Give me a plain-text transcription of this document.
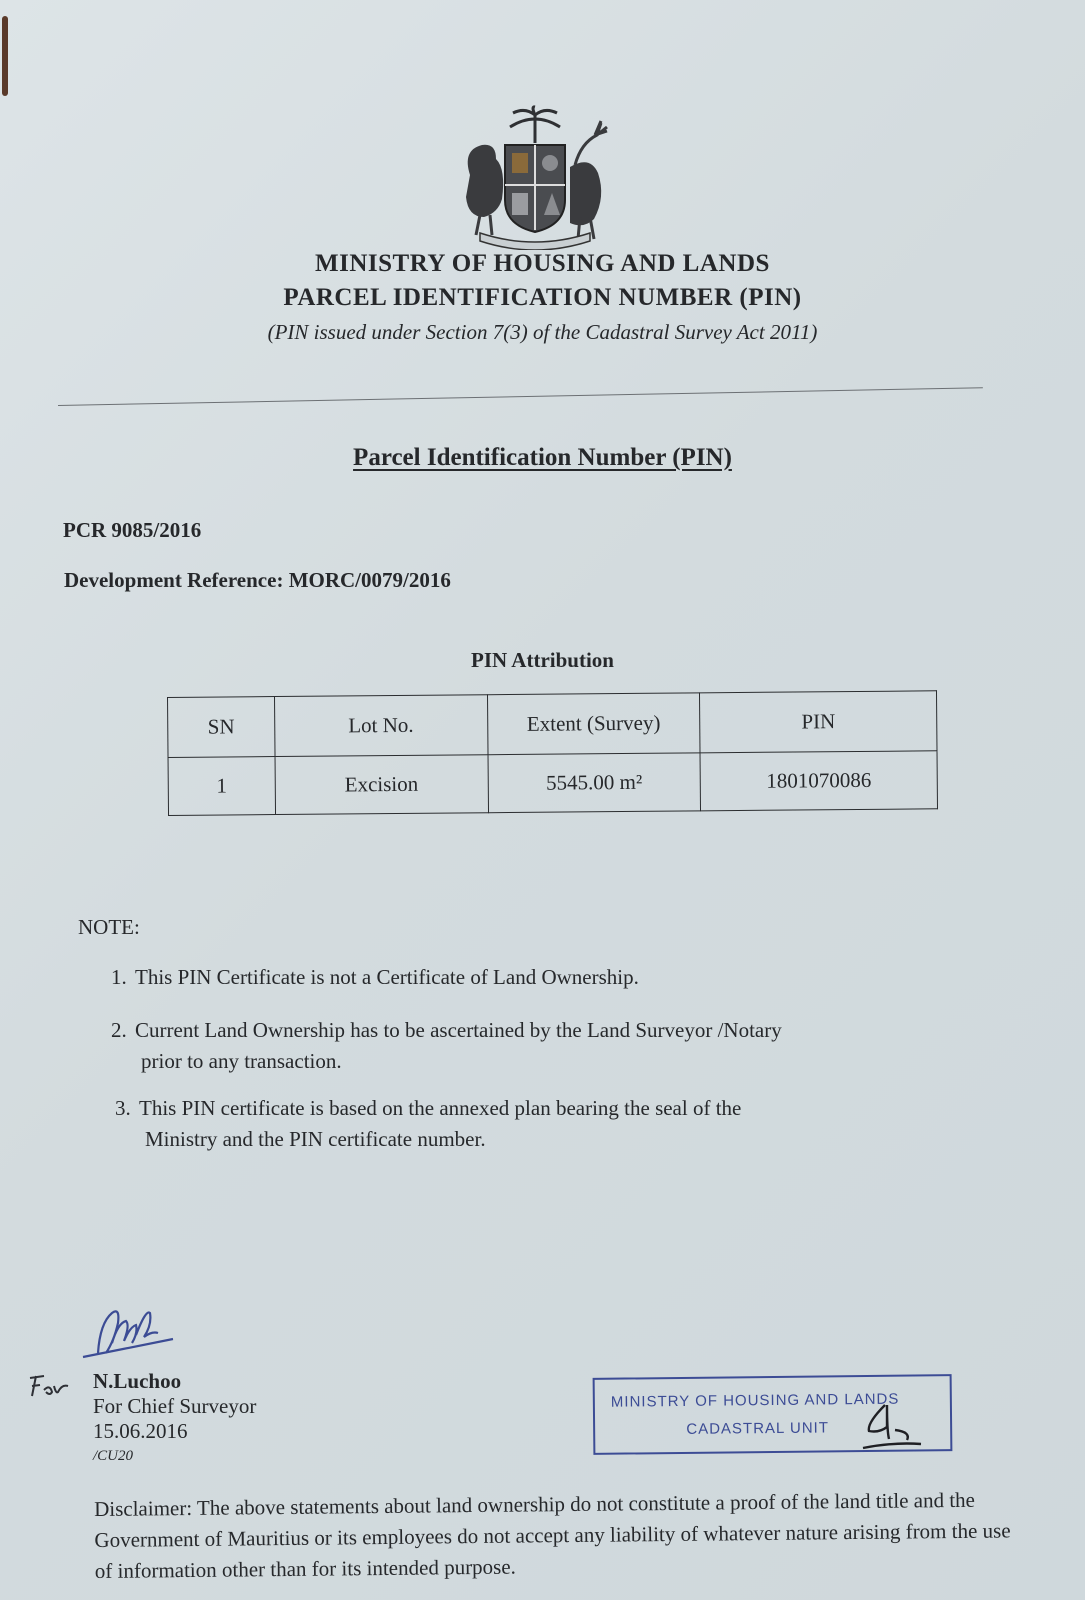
MINISTRY OF HOUSING AND LANDS
PARCEL IDENTIFICATION NUMBER (PIN)
(PIN issued under Section 7(3) of the Cadastral Survey Act 2011)
Parcel Identification Number (PIN)
PCR 9085/2016
Development Reference: MORC/0079/2016
PIN Attribution
SN	Lot No.	Extent (Survey)	PIN
1	Excision	5545.00 m²	1801070086
NOTE:
1. This PIN Certificate is not a Certificate of Land Ownership.
2. Current Land Ownership has to be ascertained by the Land Surveyor /Notary
prior to any transaction.
3. This PIN certificate is based on the annexed plan bearing the seal of the
Ministry and the PIN certificate number.
N.Luchoo
For Chief Surveyor
15.06.2016
/CU20
MINISTRY OF HOUSING AND LANDS
CADASTRAL UNIT
Disclaimer: The above statements about land ownership do not constitute a proof of the land title and the Government of Mauritius or its employees do not accept any liability of whatever nature arising from the use of information other than for its intended purpose.
